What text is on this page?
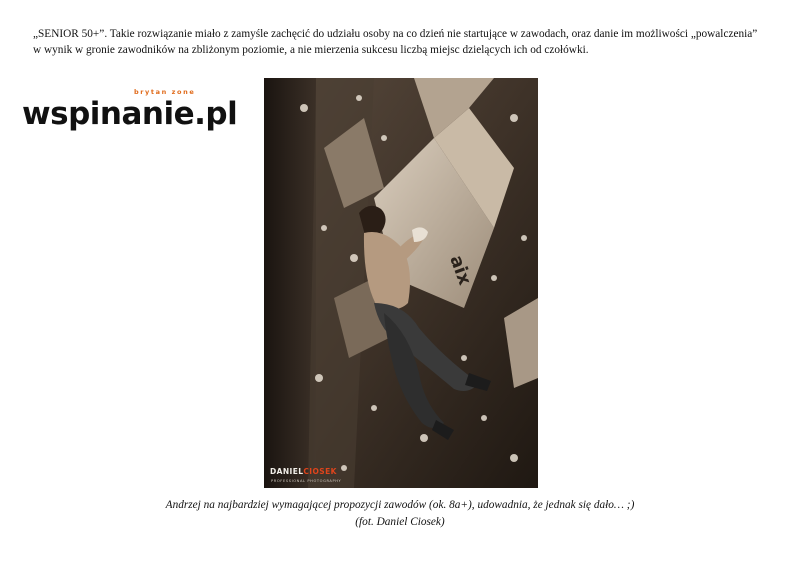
„SENIOR 50+”. Takie rozwiązanie miało z zamyśle zachęcić do udziału osoby na co dzień nie startujące w zawodach, oraz danie im możliwości „powalczenia”
w wynik w gronie zawodników na zbliżonym poziomie, a nie mierzenia sukcesu liczbą miejsc dzielących ich od czołówki.
brytan zone
wspinanie.pl
aix
DANIELCIOSEK
PROFESSIONAL PHOTOGRAPHY
Andrzej na najbardziej wymagającej propozycji zawodów (ok. 8a+), udowadnia, że jednak się dało… ;)
(fot. Daniel Ciosek)
